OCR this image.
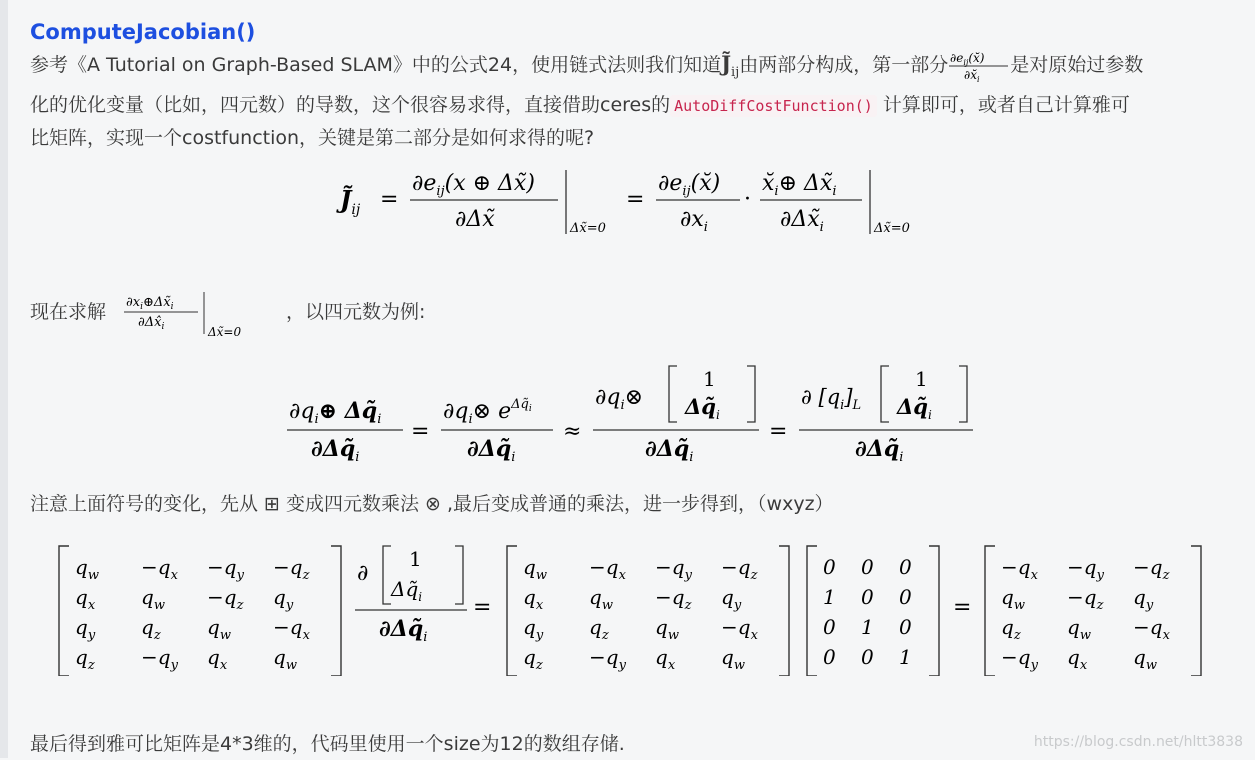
ComputeJacobian()

参考《A Tutorial on Graph-Based SLAM》中的公式24，使用链式法则我们知道$J̃_{ij}$由两部分构成，第一部分 $\partial e_{ij}(x̆)$
$\partial x̆_i$
是对原始过参数
化的优化变量（比如，四元数）的导数，这个很容易求得，直接借助ceres的 AutoDiffCostFunction() 计算即可，或者自己计算雅可
比矩阵，实现一个costfunction，关键是第二部分是如何求得的呢?

$J̃_{ij}$ =
$\partial e_{ij}(x$ ⊕ Δx̃)
∂Δx̃	Δx̃=0
=
$\partial e_{ij}(x̆)$
$\partial x_i$
·
$x̆_i\oplus$ $\Delta x̃_i$
$\partial\Delta x̃_i$	Δx̃=0
现在求解 $\partial x_i\oplus\Delta x̃_i$
$\partial\Delta x̂_i$	Δx̃=0
，以四元数为例:
$\partial q_i\oplus$ $\Delta q̃_i$
$\partial\Delta q̃_i$
=
$\partial q_i\otimes$ $e^{\Delta q̃}i$
$\partial\Delta q̃_i$
≈
$\partial q_i\otimes$
1
$\Delta q̃_i$
$\partial\Delta q̃_i$
=
∂ $[q_i]_L$
1
$\Delta q̃_i$
$\partial\Delta q̃_i$

注意上面符号的变化，先从 ⊞ 变成四元数乘法 ⊗ ,最后变成普通的乘法，进一步得到，（wxyz）

$q_w -q_x -q_y -q_z$
$q_x$ $q_w -q_z$ $q_y$
$q_y$ $q_z$ $q_w -q_x$
$q_z -q_y$ $q_x$ $q_w$
∂
1
$\Delta q̃_i$
$\partial\Delta q̃_i$
=
$q_w -q_x -q_y -q_z$
$q_x$ $q_w -q_z$ $q_y$
$q_y$ $q_z$ $q_w -q_x$
$q_z -q_y$ $q_x$ $q_w$
0 0 0
1 0 0
0 1 0
0 0 1
=
$-q_x -q_y -q_z$
$q_w -q_z$ $q_y$
$q_z$ $q_w -q_x$
$-q_y$ $q_x$ $q_w$

最后得到雅可比矩阵是4*3维的，代码里使用一个size为12的数组存储.	https://blog.csdn.net/hltt3838
